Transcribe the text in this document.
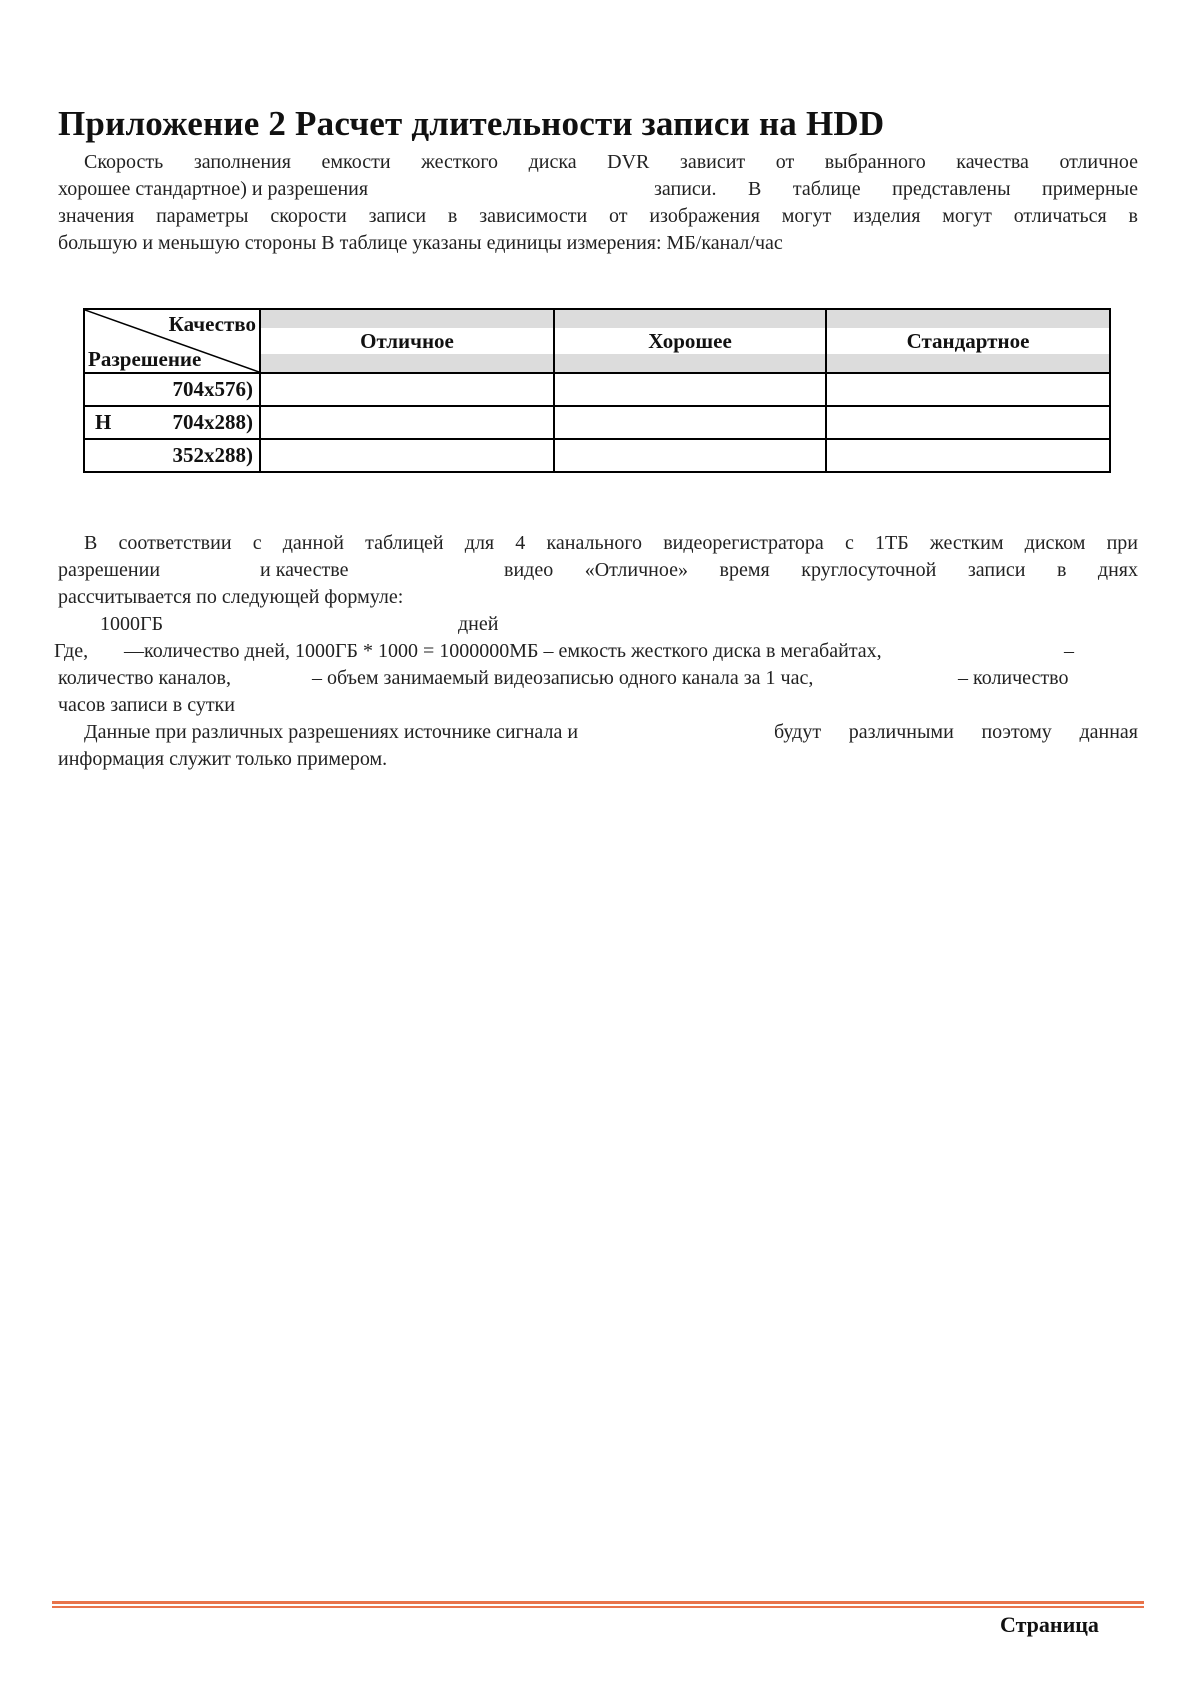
Приложение 2 Расчет длительности записи на HDD
Скорость заполнения емкости жесткого диска DVR зависит от выбранного качества отличное
хорошее стандартное) и разрешения	записи. В таблице представлены примерные
значения параметры скорости записи в зависимости от изображения могут изделия могут отличаться в
большую и меньшую стороны В таблице указаны единицы измерения: МБ/канал/час
Качество
Разрешение	Отличное	Хорошее	Стандартное

704x576)			

H 704x288)			

352x288)			

В соответствии с данной таблицей для 4 канального видеорегистратора с 1ТБ жестким диском при
разрешении	и качестве	видео «Отличное» время круглосуточной записи в днях
рассчитывается по следующей формуле:
1000ГБ	дней
Где, —количество дней, 1000ГБ * 1000 = 1000000МБ – емкость жесткого диска в мегабайтах,	–
количество каналов,	– объем занимаемый видеозаписью одного канала за 1 час,	– количество
часов записи в сутки
Данные при различных разрешениях источнике сигнала и	будут различными поэтому данная
информация служит только примером.
Страница
